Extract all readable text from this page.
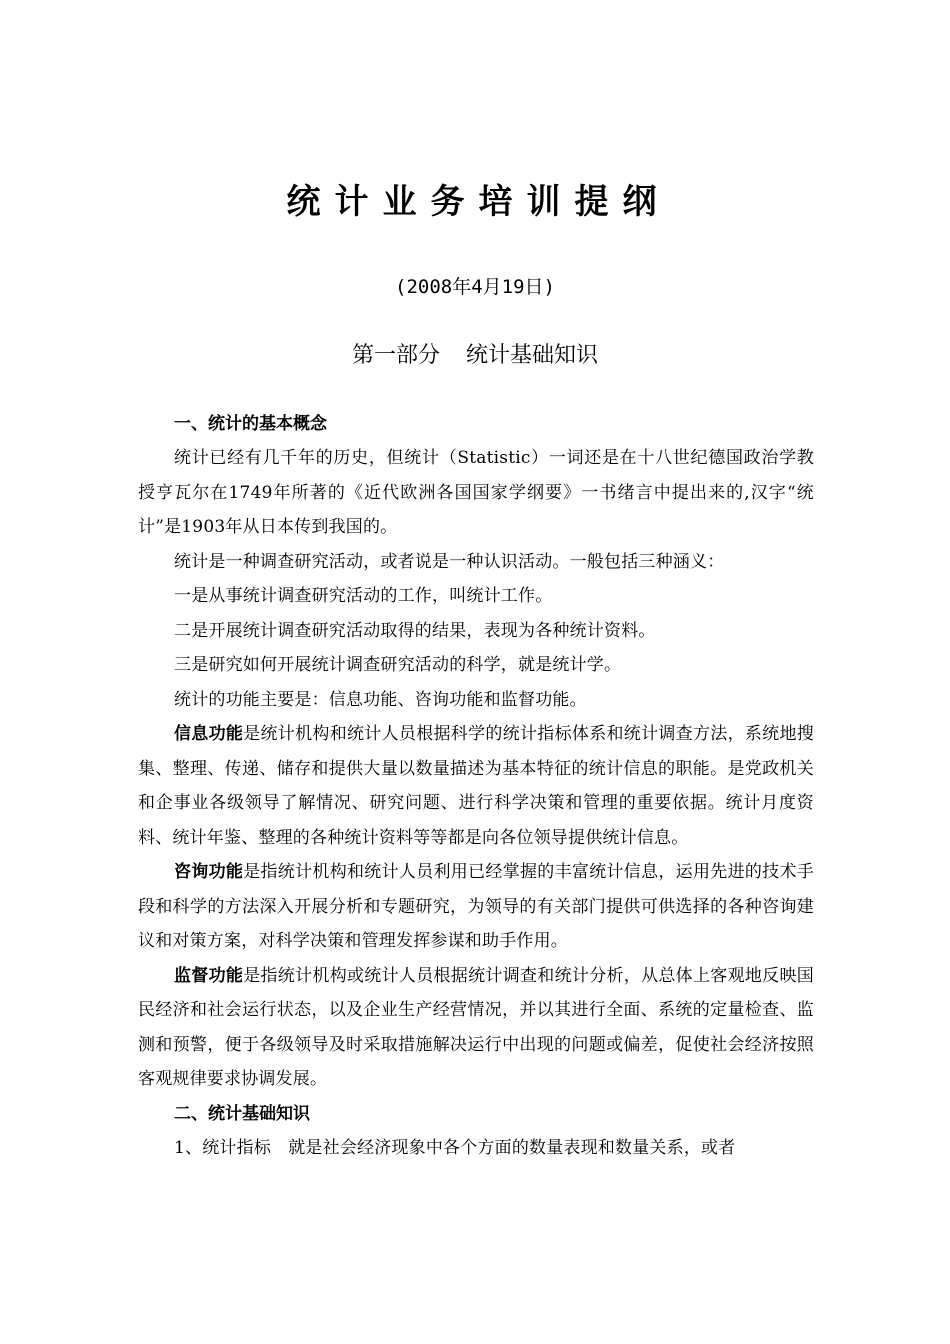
统计业务培训提纲
(2008年4月19日)
第一部分 统计基础知识

一、统计的基本概念

统计已经有几千年的历史，但统计（Statistic）一词还是在十八世纪德国政治学教授亨瓦尔在1749年所著的《近代欧洲各国国家学纲要》一书绪言中提出来的,汉字“统计”是1903年从日本传到我国的。

统计是一种调查研究活动，或者说是一种认识活动。一般包括三种涵义：

一是从事统计调查研究活动的工作，叫统计工作。

二是开展统计调查研究活动取得的结果，表现为各种统计资料。

三是研究如何开展统计调查研究活动的科学，就是统计学。

统计的功能主要是：信息功能、咨询功能和监督功能。

信息功能是统计机构和统计人员根据科学的统计指标体系和统计调查方法，系统地搜集、整理、传递、储存和提供大量以数量描述为基本特征的统计信息的职能。是党政机关和企事业各级领导了解情况、研究问题、进行科学决策和管理的重要依据。统计月度资料、统计年鉴、整理的各种统计资料等等都是向各位领导提供统计信息。

咨询功能是指统计机构和统计人员利用已经掌握的丰富统计信息，运用先进的技术手段和科学的方法深入开展分析和专题研究，为领导的有关部门提供可供选择的各种咨询建议和对策方案，对科学决策和管理发挥参谋和助手作用。

监督功能是指统计机构或统计人员根据统计调查和统计分析，从总体上客观地反映国民经济和社会运行状态，以及企业生产经营情况，并以其进行全面、系统的定量检查、监测和预警，便于各级领导及时采取措施解决运行中出现的问题或偏差，促使社会经济按照客观规律要求协调发展。

二、统计基础知识

1、统计指标　就是社会经济现象中各个方面的数量表现和数量关系，或者
